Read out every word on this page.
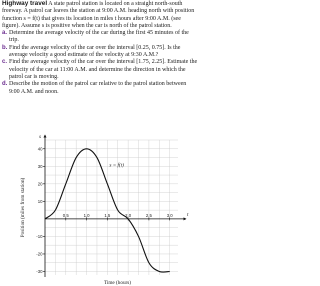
Highway travel A state patrol station is located on a straight north-south freeway. A patrol car leaves the station at 9:00 A.M. heading north with position function s = f(t) that gives its location in miles t hours after 9:00 A.M. (see figure). Assume s is positive when the car is north of the patrol station.

a. Determine the average velocity of the car during the first 45 minutes of the trip.

b. Find the average velocity of the car over the interval [0.25, 0.75]. Is the average velocity a good estimate of the velocity at 9:30 A.M.?

c. Find the average velocity of the car over the interval [1.75, 2.25]. Estimate the velocity of the car at 11:00 A.M. and determine the direction in which the patrol car is moving.

d. Describe the motion of the patrol car relative to the patrol station between 9:00 A.M. and noon.

-30
-20
-10
10
20
30
40
0.5	1.0	1.5	2.0	2.5	3.0
Position (miles from station)
Time (hours)
s
t
s = f(t)
